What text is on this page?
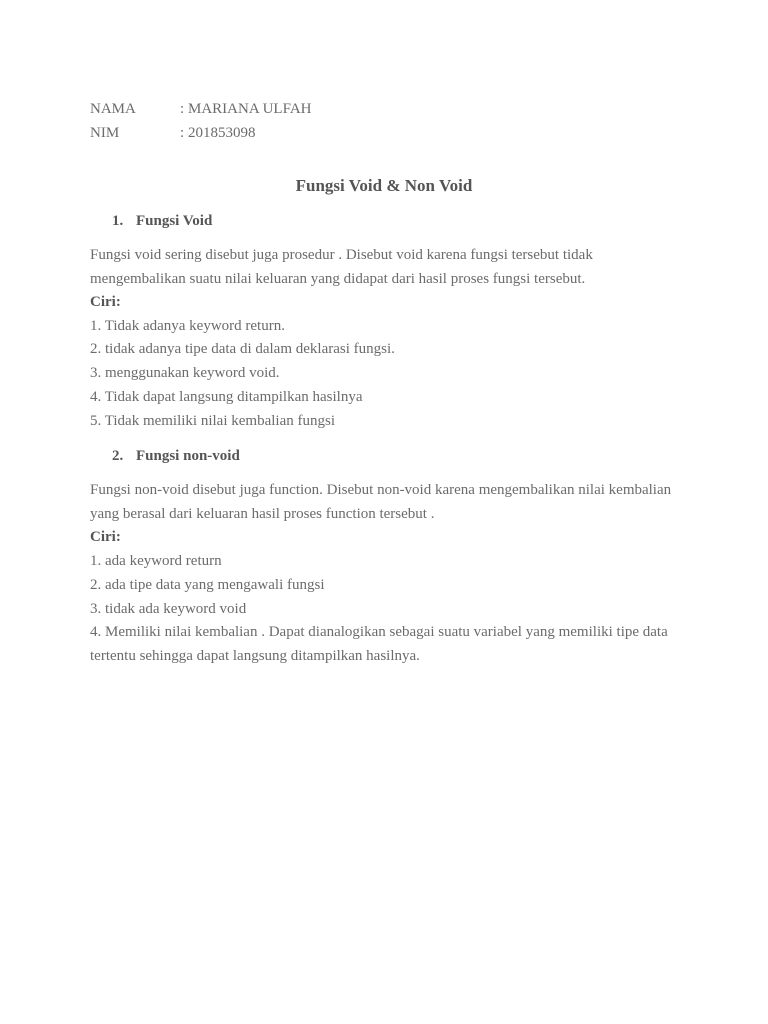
NAMA	: MARIANA ULFAH
NIM	: 201853098
Fungsi Void & Non Void
1. Fungsi Void
Fungsi void sering disebut juga prosedur . Disebut void karena fungsi tersebut tidak
mengembalikan suatu nilai keluaran yang didapat dari hasil proses fungsi tersebut.
Ciri:
1. Tidak adanya keyword return.
2. tidak adanya tipe data di dalam deklarasi fungsi.
3. menggunakan keyword void.
4. Tidak dapat langsung ditampilkan hasilnya
5. Tidak memiliki nilai kembalian fungsi
2. Fungsi non-void
Fungsi non-void disebut juga function. Disebut non-void karena mengembalikan nilai kembalian
yang berasal dari keluaran hasil proses function tersebut .
Ciri:
1. ada keyword return
2. ada tipe data yang mengawali fungsi
3. tidak ada keyword void
4. Memiliki nilai kembalian . Dapat dianalogikan sebagai suatu variabel yang memiliki tipe data
tertentu sehingga dapat langsung ditampilkan hasilnya.
